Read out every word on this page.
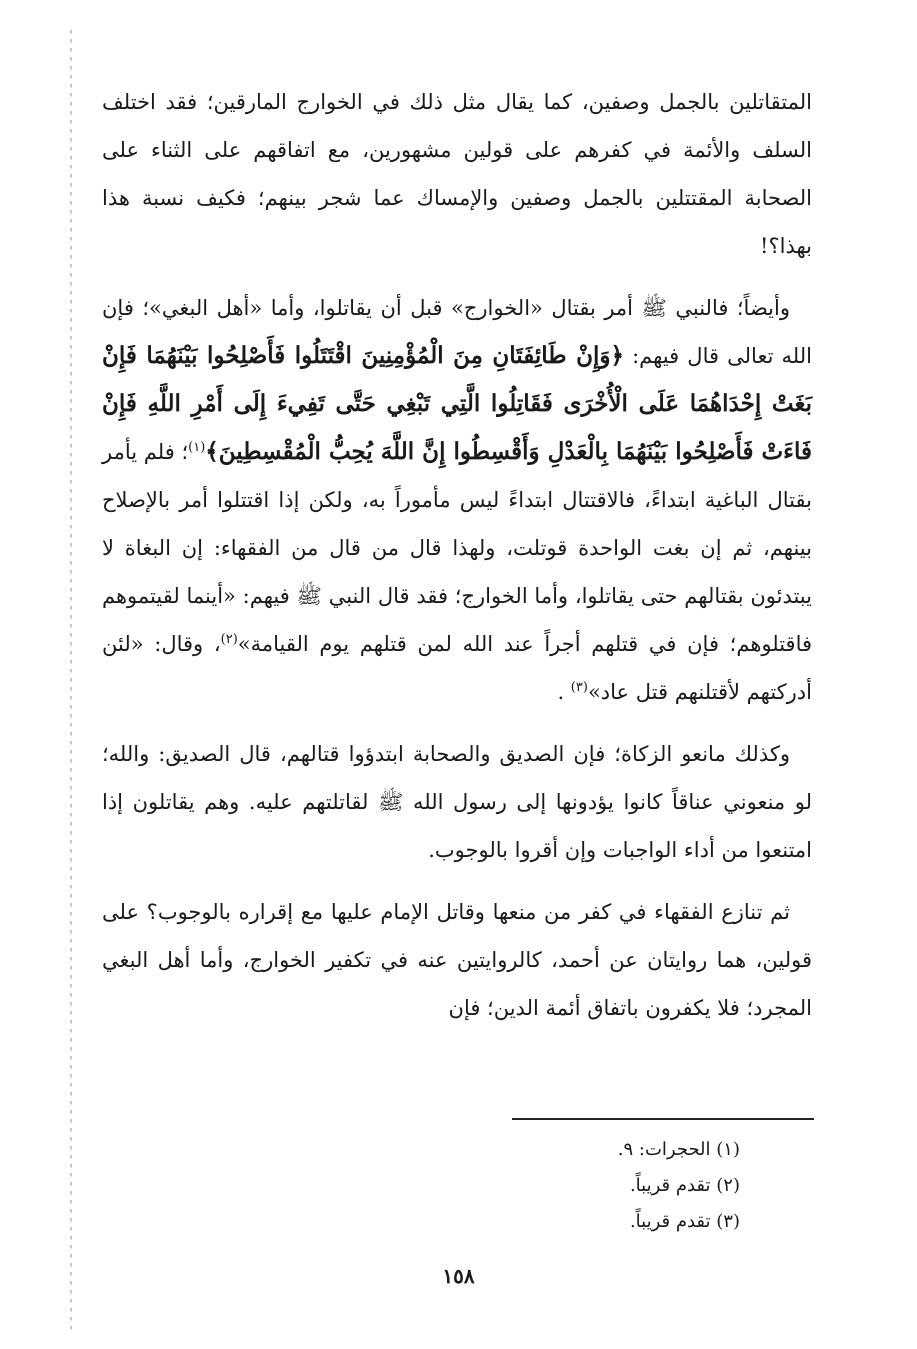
المتقاتلين بالجمل وصفين، كما يقال مثل ذلك في الخوارج المارقين؛ فقد اختلف السلف والأئمة في كفرهم على قولين مشهورين، مع اتفاقهم على الثناء على الصحابة المقتتلين بالجمل وصفين والإمساك عما شجر بينهم؛ فكيف نسبة هذا بهذا؟!

وأيضاً؛ فالنبي ﷺ أمر بقتال «الخوارج» قبل أن يقاتلوا، وأما «أهل البغي»؛ فإن الله تعالى قال فيهم: ﴿وَإِنْ طَائِفَتَانِ مِنَ الْمُؤْمِنِينَ اقْتَتَلُوا فَأَصْلِحُوا بَيْنَهُمَا فَإِنْ بَغَتْ إِحْدَاهُمَا عَلَى الْأُخْرَى فَقَاتِلُوا الَّتِي تَبْغِي حَتَّى تَفِيءَ إِلَى أَمْرِ اللَّهِ فَإِنْ فَاءَتْ فَأَصْلِحُوا بَيْنَهُمَا بِالْعَدْلِ وَأَقْسِطُوا إِنَّ اللَّهَ يُحِبُّ الْمُقْسِطِينَ﴾$^{(١)}$؛ فلم يأمر بقتال الباغية ابتداءً، فالاقتتال ابتداءً ليس مأموراً به، ولكن إذا اقتتلوا أمر بالإصلاح بينهم، ثم إن بغت الواحدة قوتلت، ولهذا قال من قال من الفقهاء: إن البغاة لا يبتدئون بقتالهم حتى يقاتلوا، وأما الخوارج؛ فقد قال النبي ﷺ فيهم: «أينما لقيتموهم فاقتلوهم؛ فإن في قتلهم أجراً عند الله لمن قتلهم يوم القيامة»$^{(٢)}$، وقال: «لئن أدركتهم لأقتلنهم قتل عاد»$^{(٣)}$ .

وكذلك مانعو الزكاة؛ فإن الصديق والصحابة ابتدؤوا قتالهم، قال الصديق: والله؛ لو منعوني عناقاً كانوا يؤدونها إلى رسول الله ﷺ لقاتلتهم عليه. وهم يقاتلون إذا امتنعوا من أداء الواجبات وإن أقروا بالوجوب.

ثم تنازع الفقهاء في كفر من منعها وقاتل الإمام عليها مع إقراره بالوجوب؟ على قولين، هما روايتان عن أحمد، كالروايتين عنه في تكفير الخوارج، وأما أهل البغي المجرد؛ فلا يكفرون باتفاق أئمة الدين؛ فإن

(١) الحجرات: ٩.
(٢) تقدم قريباً.
(٣) تقدم قريباً.
١٥٨
